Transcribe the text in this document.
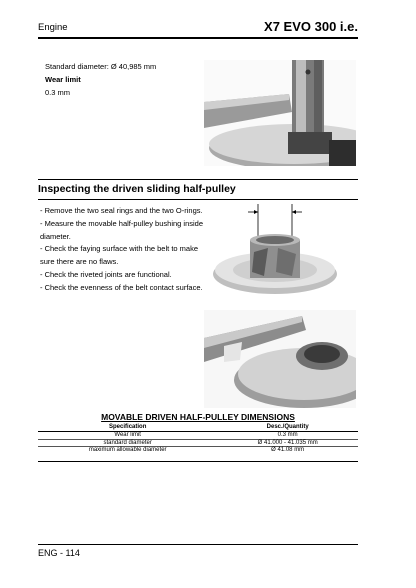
Engine	X7 EVO 300 i.e.
Standard diameter: Ø 40,985 mm
Wear limit
0.3 mm
Inspecting the driven sliding half-pulley
- Remove the two seal rings and the two O-rings.
- Measure the movable half-pulley bushing inside
diameter.
- Check the faying surface with the belt to make
sure there are no flaws.
- Check the riveted joints are functional.
- Check the evenness of the belt contact surface.
MOVABLE DRIVEN HALF-PULLEY DIMENSIONS
Specification	Desc./Quantity
Wear limit	0.3 mm
standard diameter	Ø 41.000 - 41.035 mm
maximum allowable diameter	Ø 41.08 mm
ENG - 114
